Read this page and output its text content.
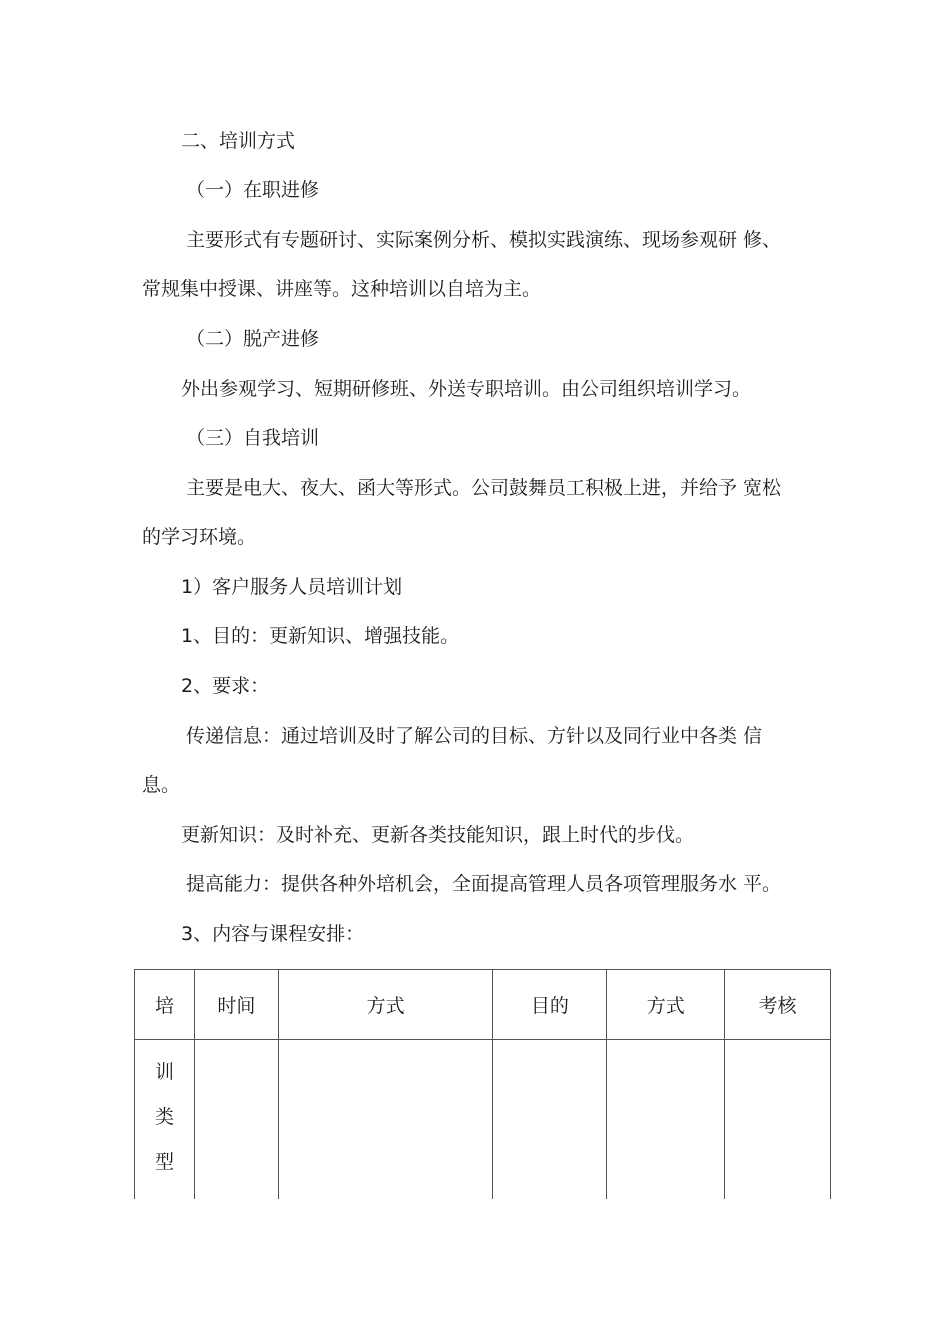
二、培训方式
（一）在职进修
主要形式有专题研讨、实际案例分析、模拟实践演练、现场参观研 修、
常规集中授课、讲座等。这种培训以自培为主。
（二）脱产进修
外出参观学习、短期研修班、外送专职培训。由公司组织培训学习。
（三）自我培训
主要是电大、夜大、函大等形式。公司鼓舞员工积极上进，并给予 宽松
的学习环境。
1）客户服务人员培训计划
1、目的：更新知识、增强技能。
2、要求：
传递信息：通过培训及时了解公司的目标、方针以及同行业中各类 信
息。
更新知识：及时补充、更新各类技能知识，跟上时代的步伐。
提高能力：提供各种外培机会，全面提高管理人员各项管理服务水 平。
3、内容与课程安排：
培	时间	方式	目的	方式	考核

训
类
型					
